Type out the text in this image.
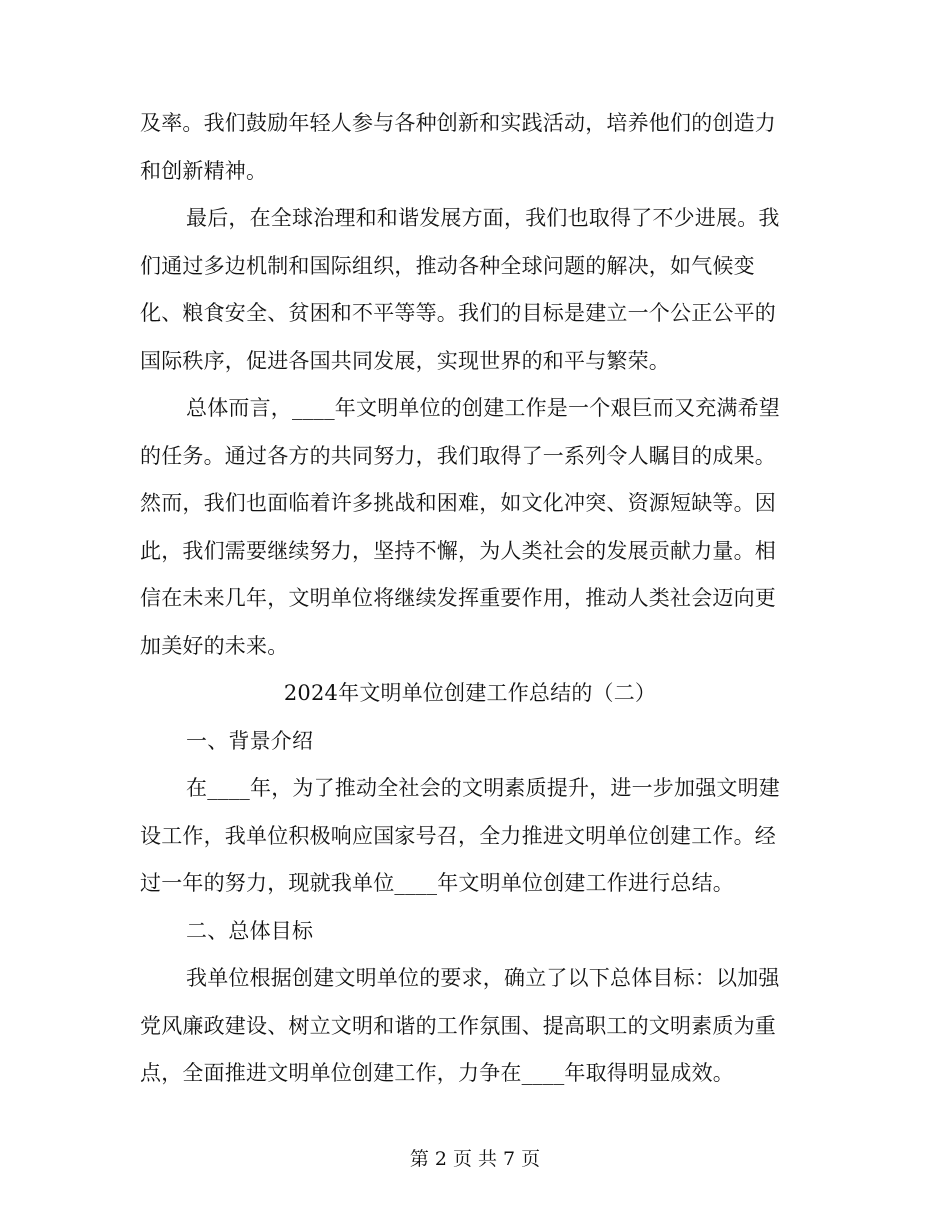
及率。我们鼓励年轻人参与各种创新和实践活动，培养他们的创造力
和创新精神。
最后，在全球治理和和谐发展方面，我们也取得了不少进展。我
们通过多边机制和国际组织，推动各种全球问题的解决，如气候变
化、粮食安全、贫困和不平等等。我们的目标是建立一个公正公平的
国际秩序，促进各国共同发展，实现世界的和平与繁荣。
总体而言，____年文明单位的创建工作是一个艰巨而又充满希望
的任务。通过各方的共同努力，我们取得了一系列令人瞩目的成果。
然而，我们也面临着许多挑战和困难，如文化冲突、资源短缺等。因
此，我们需要继续努力，坚持不懈，为人类社会的发展贡献力量。相
信在未来几年，文明单位将继续发挥重要作用，推动人类社会迈向更
加美好的未来。
2024年文明单位创建工作总结的（二）
一、背景介绍
在____年，为了推动全社会的文明素质提升，进一步加强文明建
设工作，我单位积极响应国家号召，全力推进文明单位创建工作。经
过一年的努力，现就我单位____年文明单位创建工作进行总结。
二、总体目标
我单位根据创建文明单位的要求，确立了以下总体目标：以加强
党风廉政建设、树立文明和谐的工作氛围、提高职工的文明素质为重
点，全面推进文明单位创建工作，力争在____年取得明显成效。
第 2 页 共 7 页
